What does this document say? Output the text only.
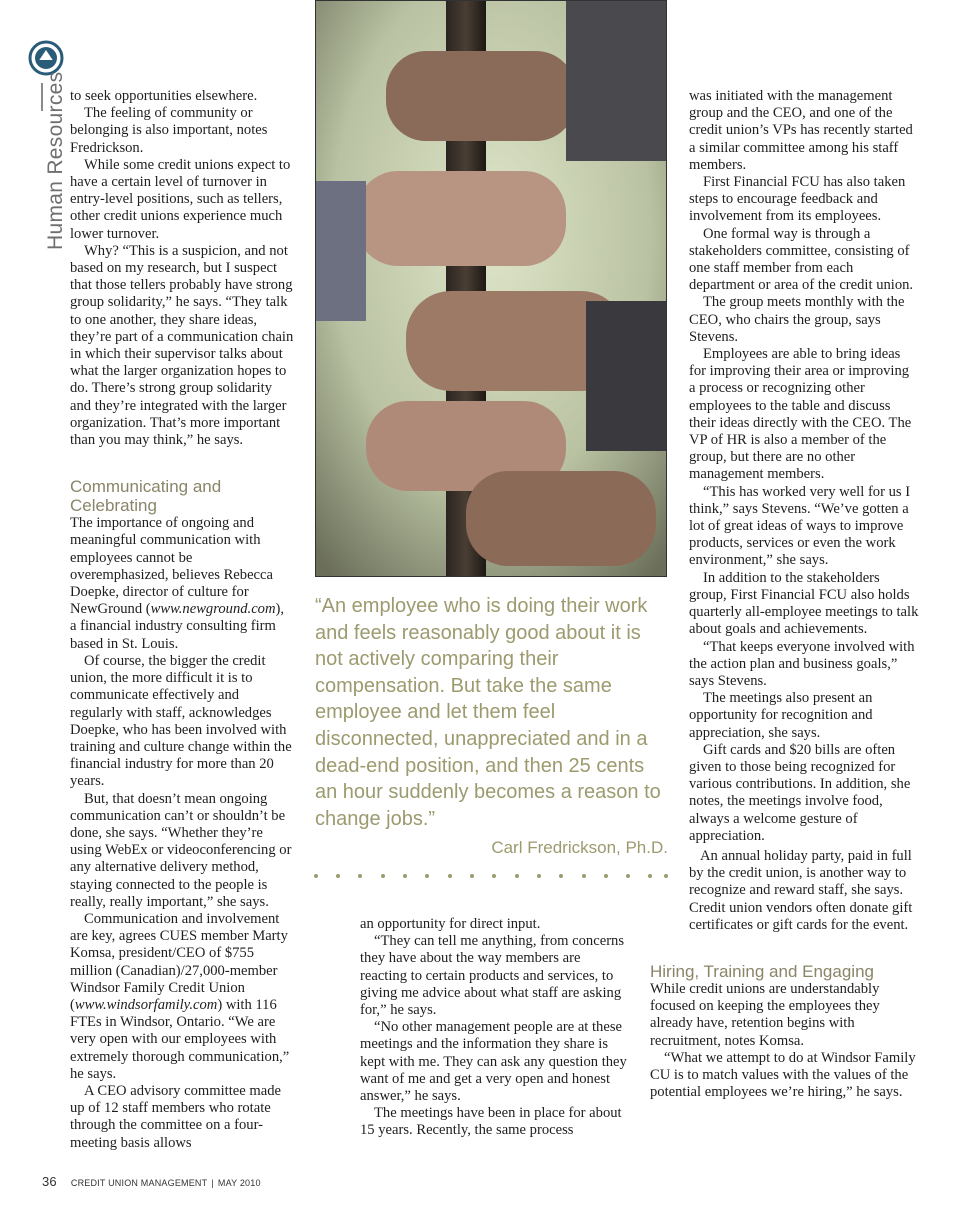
Human Resources to seek opportunities elsewhere.

The feeling of community or belonging is also important, notes Fredrickson.

While some credit unions expect to have a certain level of turnover in entry-level positions, such as tellers, other credit unions experience much lower turnover.

Why? “This is a suspicion, and not based on my research, but I suspect that those tellers probably have strong group solidarity,” he says. “They talk to one another, they share ideas, they’re part of a communication chain in which their supervisor talks about what the larger organization hopes to do. There’s strong group solidarity and they’re integrated with the larger organization. That’s more important than you may think,” he says.

Communicating and Celebrating

The importance of ongoing and meaningful communication with employees cannot be overemphasized, believes Rebecca Doepke, director of culture for NewGround (www.newground.com), a financial industry consulting firm based in St. Louis.

Of course, the bigger the credit union, the more difficult it is to communicate effectively and regularly with staff, acknowledges Doepke, who has been involved with training and culture change within the financial industry for more than 20 years.

But, that doesn’t mean ongoing communication can’t or shouldn’t be done, she says. “Whether they’re using WebEx or videoconferencing or any alternative delivery method, staying connected to the people is really, really important,” she says.

Communication and involvement are key, agrees CUES member Marty Komsa, president/CEO of $755 million (Canadian)/27,000-member Windsor Family Credit Union (www.windsorfamily.com) with 116 FTEs in Windsor, Ontario. “We are very open with our employees with extremely thorough communication,” he says.

A CEO advisory committee made up of 12 staff members who rotate through the committee on a four-meeting basis allows

“An employee who is doing their work and feels reasonably good about it is not actively comparing their compensation. But take the same employee and let them feel disconnected, unappreciated and in a dead-end position, and then 25 cents an hour suddenly becomes a reason to change jobs.”
Carl Fredrickson, Ph.D.

an opportunity for direct input.

“They can tell me anything, from concerns they have about the way members are reacting to certain products and services, to giving me advice about what staff are asking for,” he says.

“No other management people are at these meetings and the information they share is kept with me. They can ask any question they want of me and get a very open and honest answer,” he says.

The meetings have been in place for about 15 years. Recently, the same process

was initiated with the management group and the CEO, and one of the credit union’s VPs has recently started a similar committee among his staff members.

First Financial FCU has also taken steps to encourage feedback and involvement from its employees.

One formal way is through a stakeholders committee, consisting of one staff member from each department or area of the credit union.

The group meets monthly with the CEO, who chairs the group, says Stevens.

Employees are able to bring ideas for improving their area or improving a process or recognizing other employees to the table and discuss their ideas directly with the CEO. The VP of HR is also a member of the group, but there are no other management members.

“This has worked very well for us I think,” says Stevens. “We’ve gotten a lot of great ideas of ways to improve products, services or even the work environment,” she says.

In addition to the stakeholders group, First Financial FCU also holds quarterly all-employee meetings to talk about goals and achievements.

“That keeps everyone involved with the action plan and business goals,” says Stevens.

The meetings also present an opportunity for recognition and appreciation, she says.

Gift cards and $20 bills are often given to those being recognized for various contributions. In addition, she notes, the meetings involve food, always a welcome gesture of appreciation.

An annual holiday party, paid in full by the credit union, is another way to recognize and reward staff, she says. Credit union vendors often donate gift certificates or gift cards for the event.

Hiring, Training and Engaging

While credit unions are understandably focused on keeping the employees they already have, retention begins with recruitment, notes Komsa.

“What we attempt to do at Windsor Family CU is to match values with the values of the potential employees we’re hiring,” he says.

36 CREDIT UNION MANAGEMENT | MAY 2010
